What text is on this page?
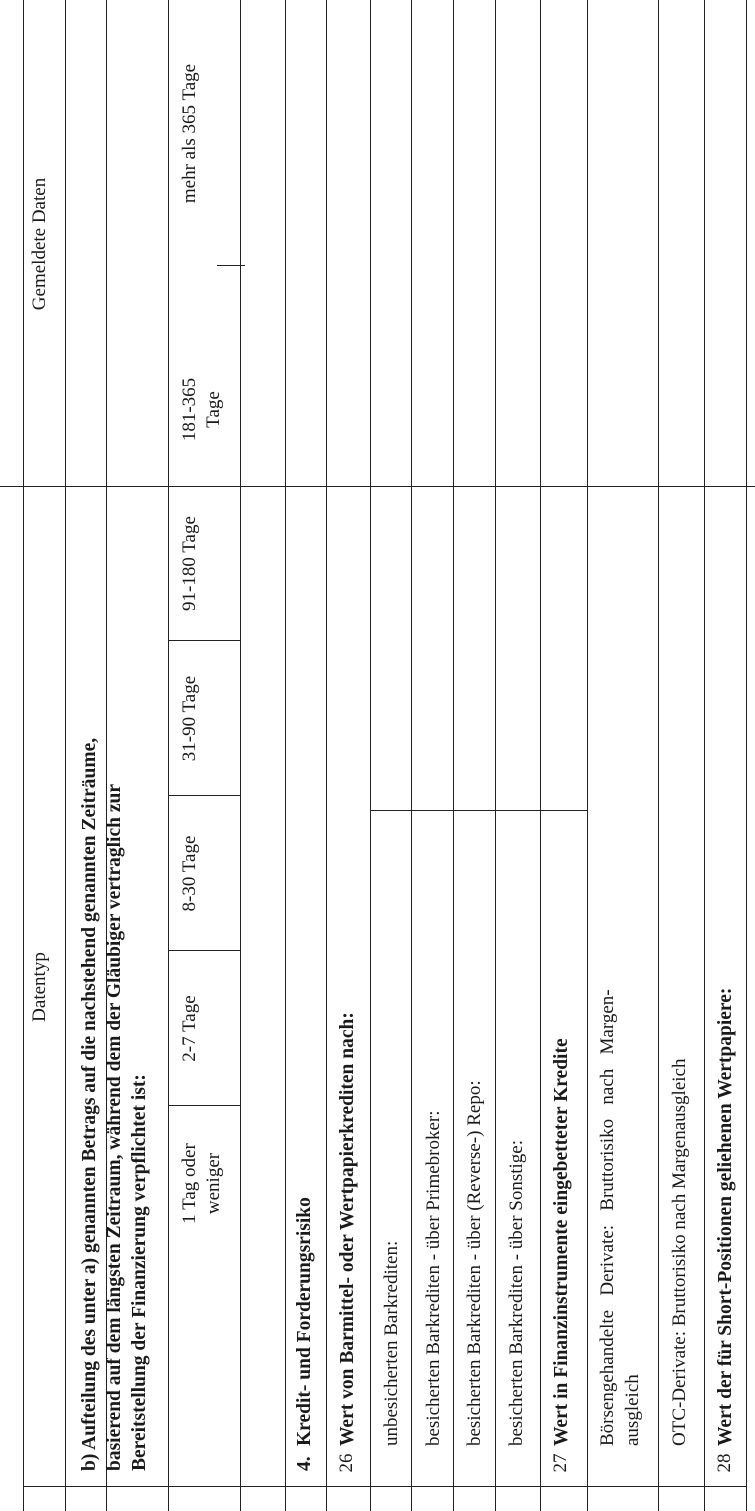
Datentyp
Gemeldete Daten
b) Aufteilung des unter a) genannten Betrags auf die nachstehend genannten Zeiträume, basierend auf dem längsten Zeitraum, während dem der Gläubiger vertraglich zur Bereitstellung der Finanzierung verpflichtet ist: 1 Tag oder weniger
2-7 Tage
8-30 Tage
31-90 Tage
91-180 Tage
181-365 Tage
mehr als 365 Tage
4.
Kredit- und Forderungsrisiko
26
Wert von Barmittel- oder Wertpapierkrediten nach: unbesicherten Barkrediten: besicherten Barkrediten - über Primebroker: besicherten Barkrediten - über (Reverse-) Repo: besicherten Barkrediten - über Sonstige:
27
Wert in Finanzinstrumente eingebetteter Kredite Börsengehandelte   Derivate:   Bruttorisiko   nach   Margen- ausgleich OTC-Derivate: Bruttorisiko nach Margenausgleich
28
Wert der für Short-Positionen geliehenen Wertpapiere:
